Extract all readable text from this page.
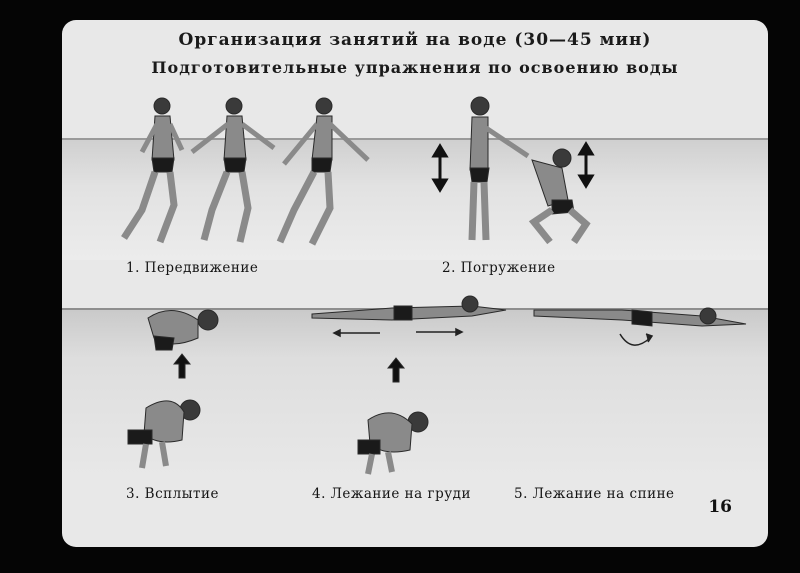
Организация занятий на воде (30—45 мин)
Подготовительные упражнения по освоению воды
1. Передвижение	2. Погружение
3. Всплытие	4. Лежание на груди	5. Лежание на спине
16
